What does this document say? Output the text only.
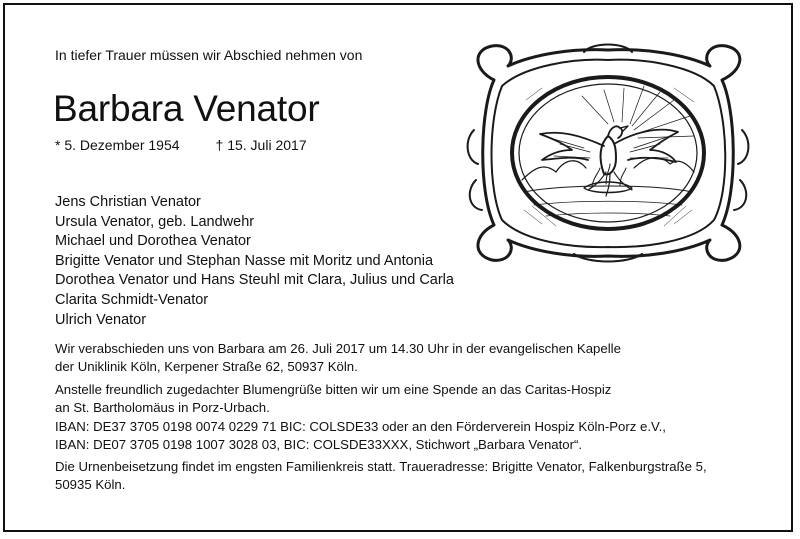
In tiefer Trauer müssen wir Abschied nehmen von
Barbara Venator
* 5. Dezember 1954	† 15. Juli 2017
Jens Christian Venator
Ursula Venator, geb. Landwehr
Michael und Dorothea Venator
Brigitte Venator und Stephan Nasse mit Moritz und Antonia
Dorothea Venator und Hans Steuhl mit Clara, Julius und Carla
Clarita Schmidt-Venator
Ulrich Venator
Wir verabschieden uns von Barbara am 26. Juli 2017 um 14.30 Uhr in der evangelischen Kapelle
der Uniklinik Köln, Kerpener Straße 62, 50937 Köln.
Anstelle freundlich zugedachter Blumengrüße bitten wir um eine Spende an das Caritas-Hospiz
an St. Bartholomäus in Porz-Urbach.
IBAN: DE37 3705 0198 0074 0229 71 BIC: COLSDE33 oder an den Förderverein Hospiz Köln-Porz e.V.,
IBAN: DE07 3705 0198 1007 3028 03, BIC: COLSDE33XXX, Stichwort „Barbara Venator“.
Die Urnenbeisetzung findet im engsten Familienkreis statt. Traueradresse: Brigitte Venator, Falkenburgstraße 5,
50935 Köln.
